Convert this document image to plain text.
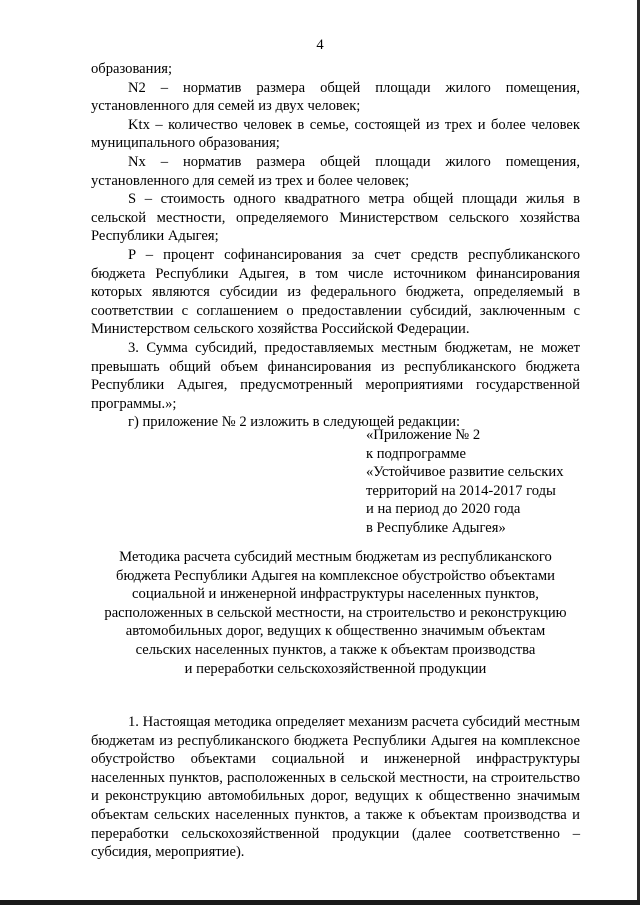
4

образования;

N2 – норматив размера общей площади жилого помещения, установленного для семей из двух человек;

Ktx – количество человек в семье, состоящей из трех и более человек муниципального образования;

Nx – норматив размера общей площади жилого помещения, установленного для семей из трех и более человек;

S – стоимость одного квадратного метра общей площади жилья в сельской местности, определяемого Министерством сельского хозяйства Республики Адыгея;

P – процент софинансирования за счет средств республиканского бюджета Республики Адыгея, в том числе источником финансирования которых являются субсидии из федерального бюджета, определяемый в соответствии с соглашением о предоставлении субсидий, заключенным с Министерством сельского хозяйства Российской Федерации.

3. Сумма субсидий, предоставляемых местным бюджетам, не может превышать общий объем финансирования из республиканского бюджета Республики Адыгея, предусмотренный мероприятиями государственной программы.»;

г) приложение № 2 изложить в следующей редакции:

«Приложение № 2
к подпрограмме
«Устойчивое развитие сельских
территорий на 2014-2017 годы
и на период до 2020 года
в Республике Адыгея»
Методика расчета субсидий местным бюджетам из республиканского
бюджета Республики Адыгея на комплексное обустройство объектами
социальной и инженерной инфраструктуры населенных пунктов,
расположенных в сельской местности, на строительство и реконструкцию
автомобильных дорог, ведущих к общественно значимым объектам
сельских населенных пунктов, а также к объектам производства
и переработки сельскохозяйственной продукции

1. Настоящая методика определяет механизм расчета субсидий местным бюджетам из республиканского бюджета Республики Адыгея на комплексное обустройство объектами социальной и инженерной инфраструктуры населенных пунктов, расположенных в сельской местности, на строительство и реконструкцию автомобильных дорог, ведущих к общественно значимым объектам сельских населенных пунктов, а также к объектам производства и переработки сельскохозяйственной продукции (далее соответственно – субсидия, мероприятие).
